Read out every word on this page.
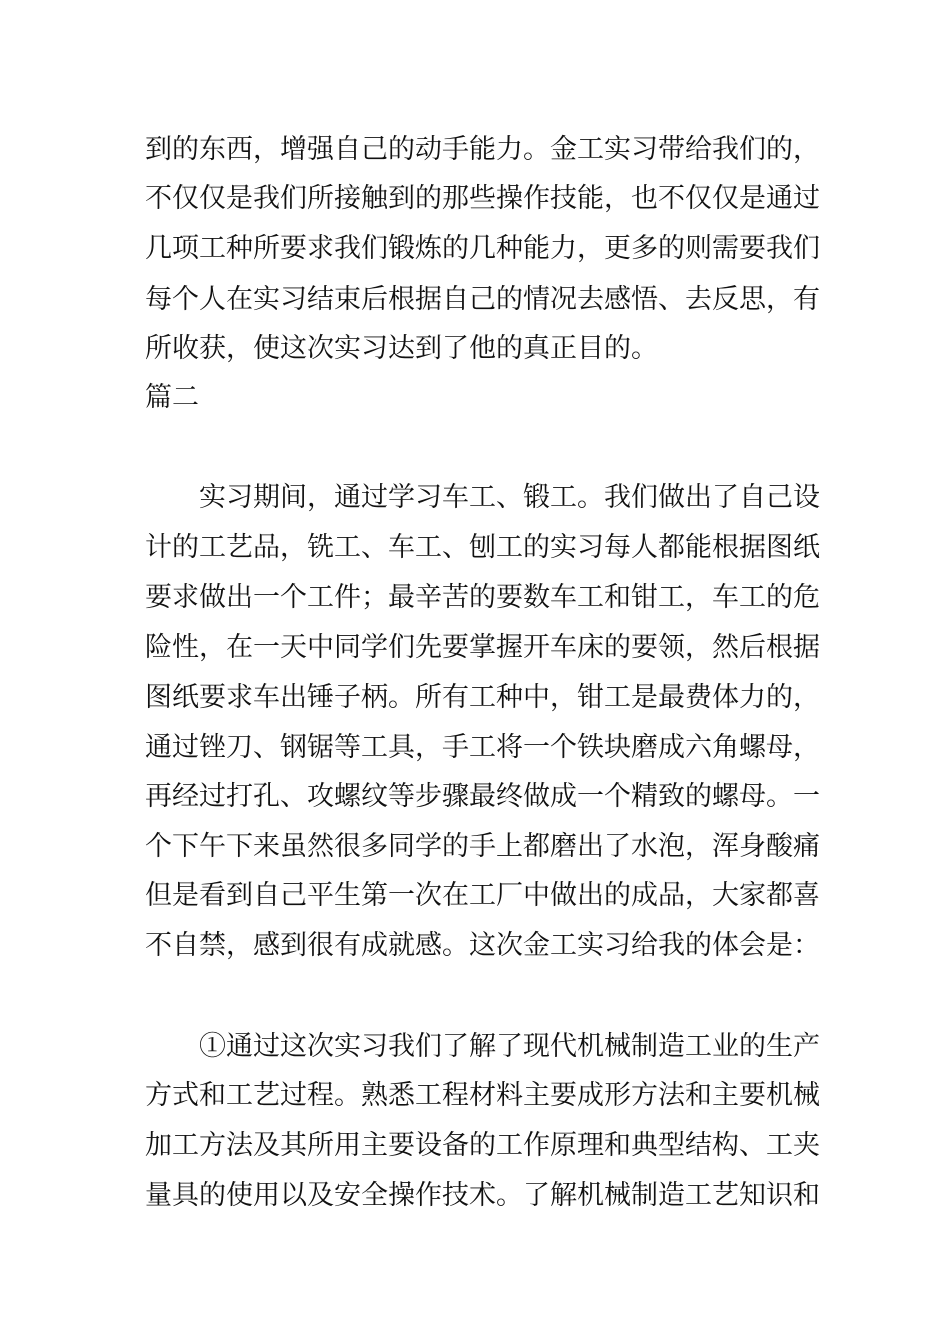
到的东西，增强自己的动手能力。金工实习带给我们的，
不仅仅是我们所接触到的那些操作技能，也不仅仅是通过
几项工种所要求我们锻炼的几种能力，更多的则需要我们
每个人在实习结束后根据自己的情况去感悟、去反思，有
所收获，使这次实习达到了他的真正目的。
篇二
实习期间，通过学习车工、锻工。我们做出了自己设
计的工艺品，铣工、车工、刨工的实习每人都能根据图纸
要求做出一个工件；最辛苦的要数车工和钳工，车工的危
险性，在一天中同学们先要掌握开车床的要领，然后根据
图纸要求车出锤子柄。所有工种中，钳工是最费体力的，
通过锉刀、钢锯等工具，手工将一个铁块磨成六角螺母，
再经过打孔、攻螺纹等步骤最终做成一个精致的螺母。一
个下午下来虽然很多同学的手上都磨出了水泡，浑身酸痛
但是看到自己平生第一次在工厂中做出的成品，大家都喜
不自禁，感到很有成就感。这次金工实习给我的体会是：
①通过这次实习我们了解了现代机械制造工业的生产
方式和工艺过程。熟悉工程材料主要成形方法和主要机械
加工方法及其所用主要设备的工作原理和典型结构、工夹
量具的使用以及安全操作技术。了解机械制造工艺知识和
